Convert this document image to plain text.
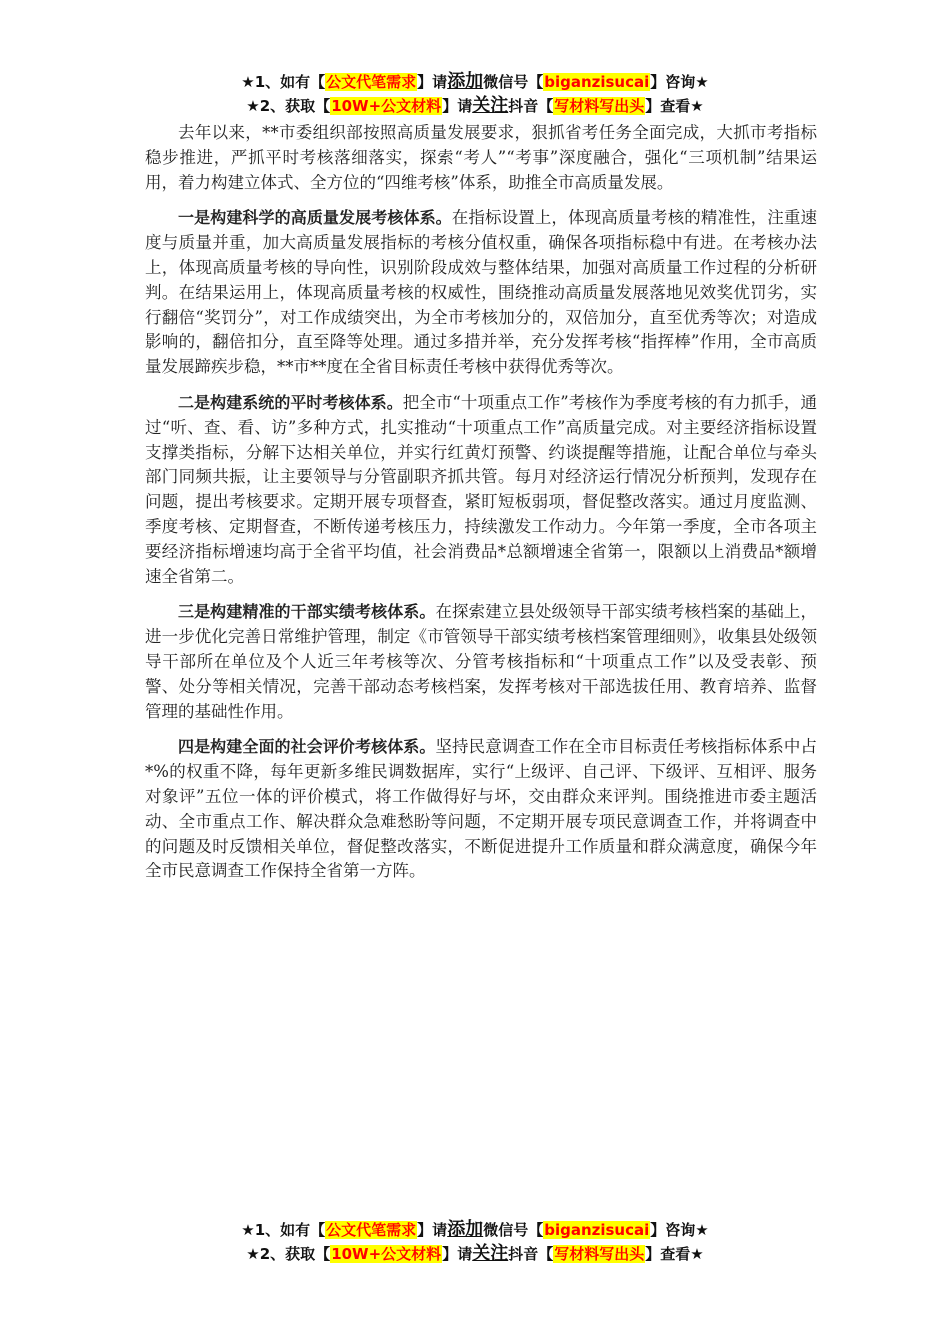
★1、如有【公文代笔需求】请添加微信号【biganzisucai】咨询★
★2、获取【10W+公文材料】请关注抖音【写材料写出头】查看★

去年以来，**市委组织部按照高质量发展要求，狠抓省考任务全面完成，大抓市考指标稳步推进，严抓平时考核落细落实，探索“考人”“考事”深度融合，强化“三项机制”结果运用，着力构建立体式、全方位的“四维考核”体系，助推全市高质量发展。

一是构建科学的高质量发展考核体系。在指标设置上，体现高质量考核的精准性，注重速度与质量并重，加大高质量发展指标的考核分值权重，确保各项指标稳中有进。在考核办法上，体现高质量考核的导向性，识别阶段成效与整体结果，加强对高质量工作过程的分析研判。在结果运用上，体现高质量考核的权威性，围绕推动高质量发展落地见效奖优罚劣，实行翻倍“奖罚分”，对工作成绩突出，为全市考核加分的，双倍加分，直至优秀等次；对造成影响的，翻倍扣分，直至降等处理。通过多措并举，充分发挥考核“指挥棒”作用，全市高质量发展蹄疾步稳，**市**度在全省目标责任考核中获得优秀等次。

二是构建系统的平时考核体系。把全市“十项重点工作”考核作为季度考核的有力抓手，通过“听、查、看、访”多种方式，扎实推动“十项重点工作”高质量完成。对主要经济指标设置支撑类指标，分解下达相关单位，并实行红黄灯预警、约谈提醒等措施，让配合单位与牵头部门同频共振，让主要领导与分管副职齐抓共管。每月对经济运行情况分析预判，发现存在问题，提出考核要求。定期开展专项督查，紧盯短板弱项，督促整改落实。通过月度监测、季度考核、定期督查，不断传递考核压力，持续激发工作动力。今年第一季度，全市各项主要经济指标增速均高于全省平均值，社会消费品*总额增速全省第一，限额以上消费品*额增速全省第二。

三是构建精准的干部实绩考核体系。在探索建立县处级领导干部实绩考核档案的基础上，进一步优化完善日常维护管理，制定《市管领导干部实绩考核档案管理细则》，收集县处级领导干部所在单位及个人近三年考核等次、分管考核指标和“十项重点工作”以及受表彰、预警、处分等相关情况，完善干部动态考核档案，发挥考核对干部选拔任用、教育培养、监督管理的基础性作用。

四是构建全面的社会评价考核体系。坚持民意调查工作在全市目标责任考核指标体系中占*%的权重不降，每年更新多维民调数据库，实行“上级评、自己评、下级评、互相评、服务对象评”五位一体的评价模式，将工作做得好与坏，交由群众来评判。围绕推进市委主题活动、全市重点工作、解决群众急难愁盼等问题，不定期开展专项民意调查工作，并将调查中的问题及时反馈相关单位，督促整改落实，不断促进提升工作质量和群众满意度，确保今年全市民意调查工作保持全省第一方阵。

★1、如有【公文代笔需求】请添加微信号【biganzisucai】咨询★
★2、获取【10W+公文材料】请关注抖音【写材料写出头】查看★
